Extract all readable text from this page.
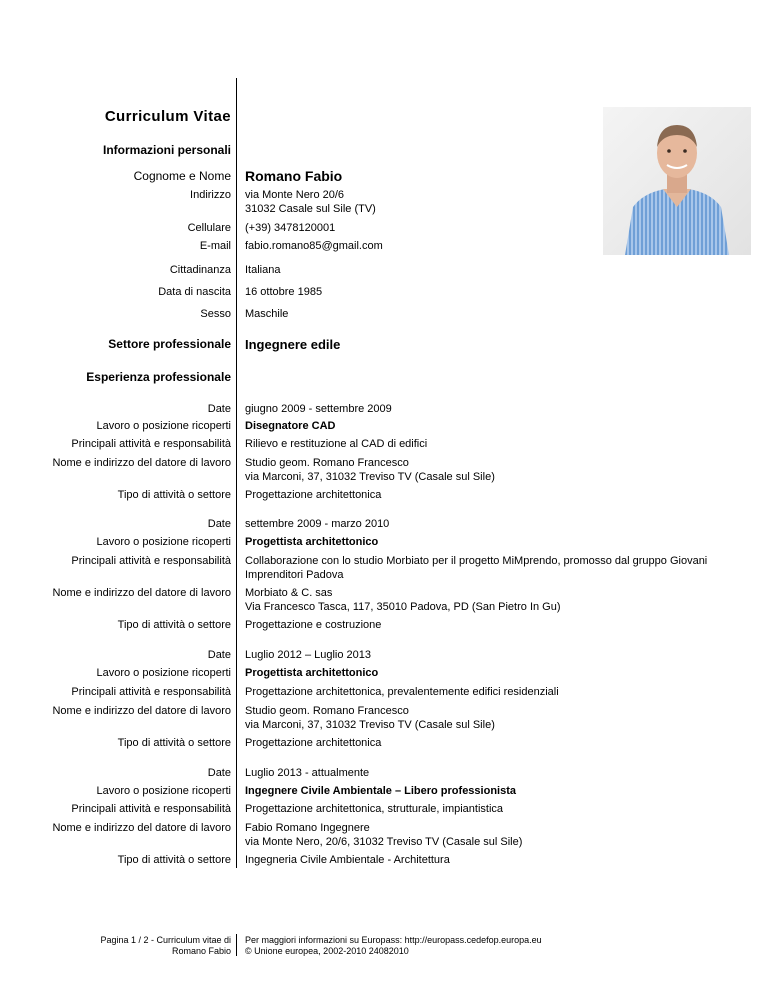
Curriculum Vitae
Informazioni personali
Cognome e Nome Romano Fabio
Indirizzo via Monte Nero 20/6
31032 Casale sul Sile (TV)
Cellulare (+39) 3478120001
E-mail fabio.romano85@gmail.com
Cittadinanza Italiana
Data di nascita 16 ottobre 1985
Sesso Maschile
Settore professionale Ingegnere edile
Esperienza professionale
Date giugno 2009 - settembre 2009
Lavoro o posizione ricoperti Disegnatore CAD
Principali attività e responsabilità Rilievo e restituzione al CAD di edifici
Nome e indirizzo del datore di lavoro Studio geom. Romano Francesco
via Marconi, 37, 31032 Treviso TV (Casale sul Sile)
Tipo di attività o settore Progettazione architettonica
Date settembre 2009 - marzo 2010
Lavoro o posizione ricoperti Progettista architettonico
Principali attività e responsabilità Collaborazione con lo studio Morbiato per il progetto MiMprendo, promosso dal gruppo Giovani
Imprenditori Padova
Nome e indirizzo del datore di lavoro Morbiato & C. sas
Via Francesco Tasca, 117, 35010 Padova, PD (San Pietro In Gu)
Tipo di attività o settore Progettazione e costruzione
Date Luglio 2012 – Luglio 2013
Lavoro o posizione ricoperti Progettista architettonico
Principali attività e responsabilità Progettazione architettonica, prevalentemente edifici residenziali
Nome e indirizzo del datore di lavoro Studio geom. Romano Francesco
via Marconi, 37, 31032 Treviso TV (Casale sul Sile)
Tipo di attività o settore Progettazione architettonica
Date Luglio 2013 - attualmente
Lavoro o posizione ricoperti Ingegnere Civile Ambientale – Libero professionista
Principali attività e responsabilità Progettazione architettonica, strutturale, impiantistica
Nome e indirizzo del datore di lavoro Fabio Romano Ingegnere
via Monte Nero, 20/6, 31032 Treviso TV (Casale sul Sile)
Tipo di attività o settore Ingegneria Civile Ambientale - Architettura
Pagina 1 / 2 - Curriculum vitae di
Romano Fabio
Per maggiori informazioni su Europass: http://europass.cedefop.europa.eu
© Unione europea, 2002-2010 24082010
